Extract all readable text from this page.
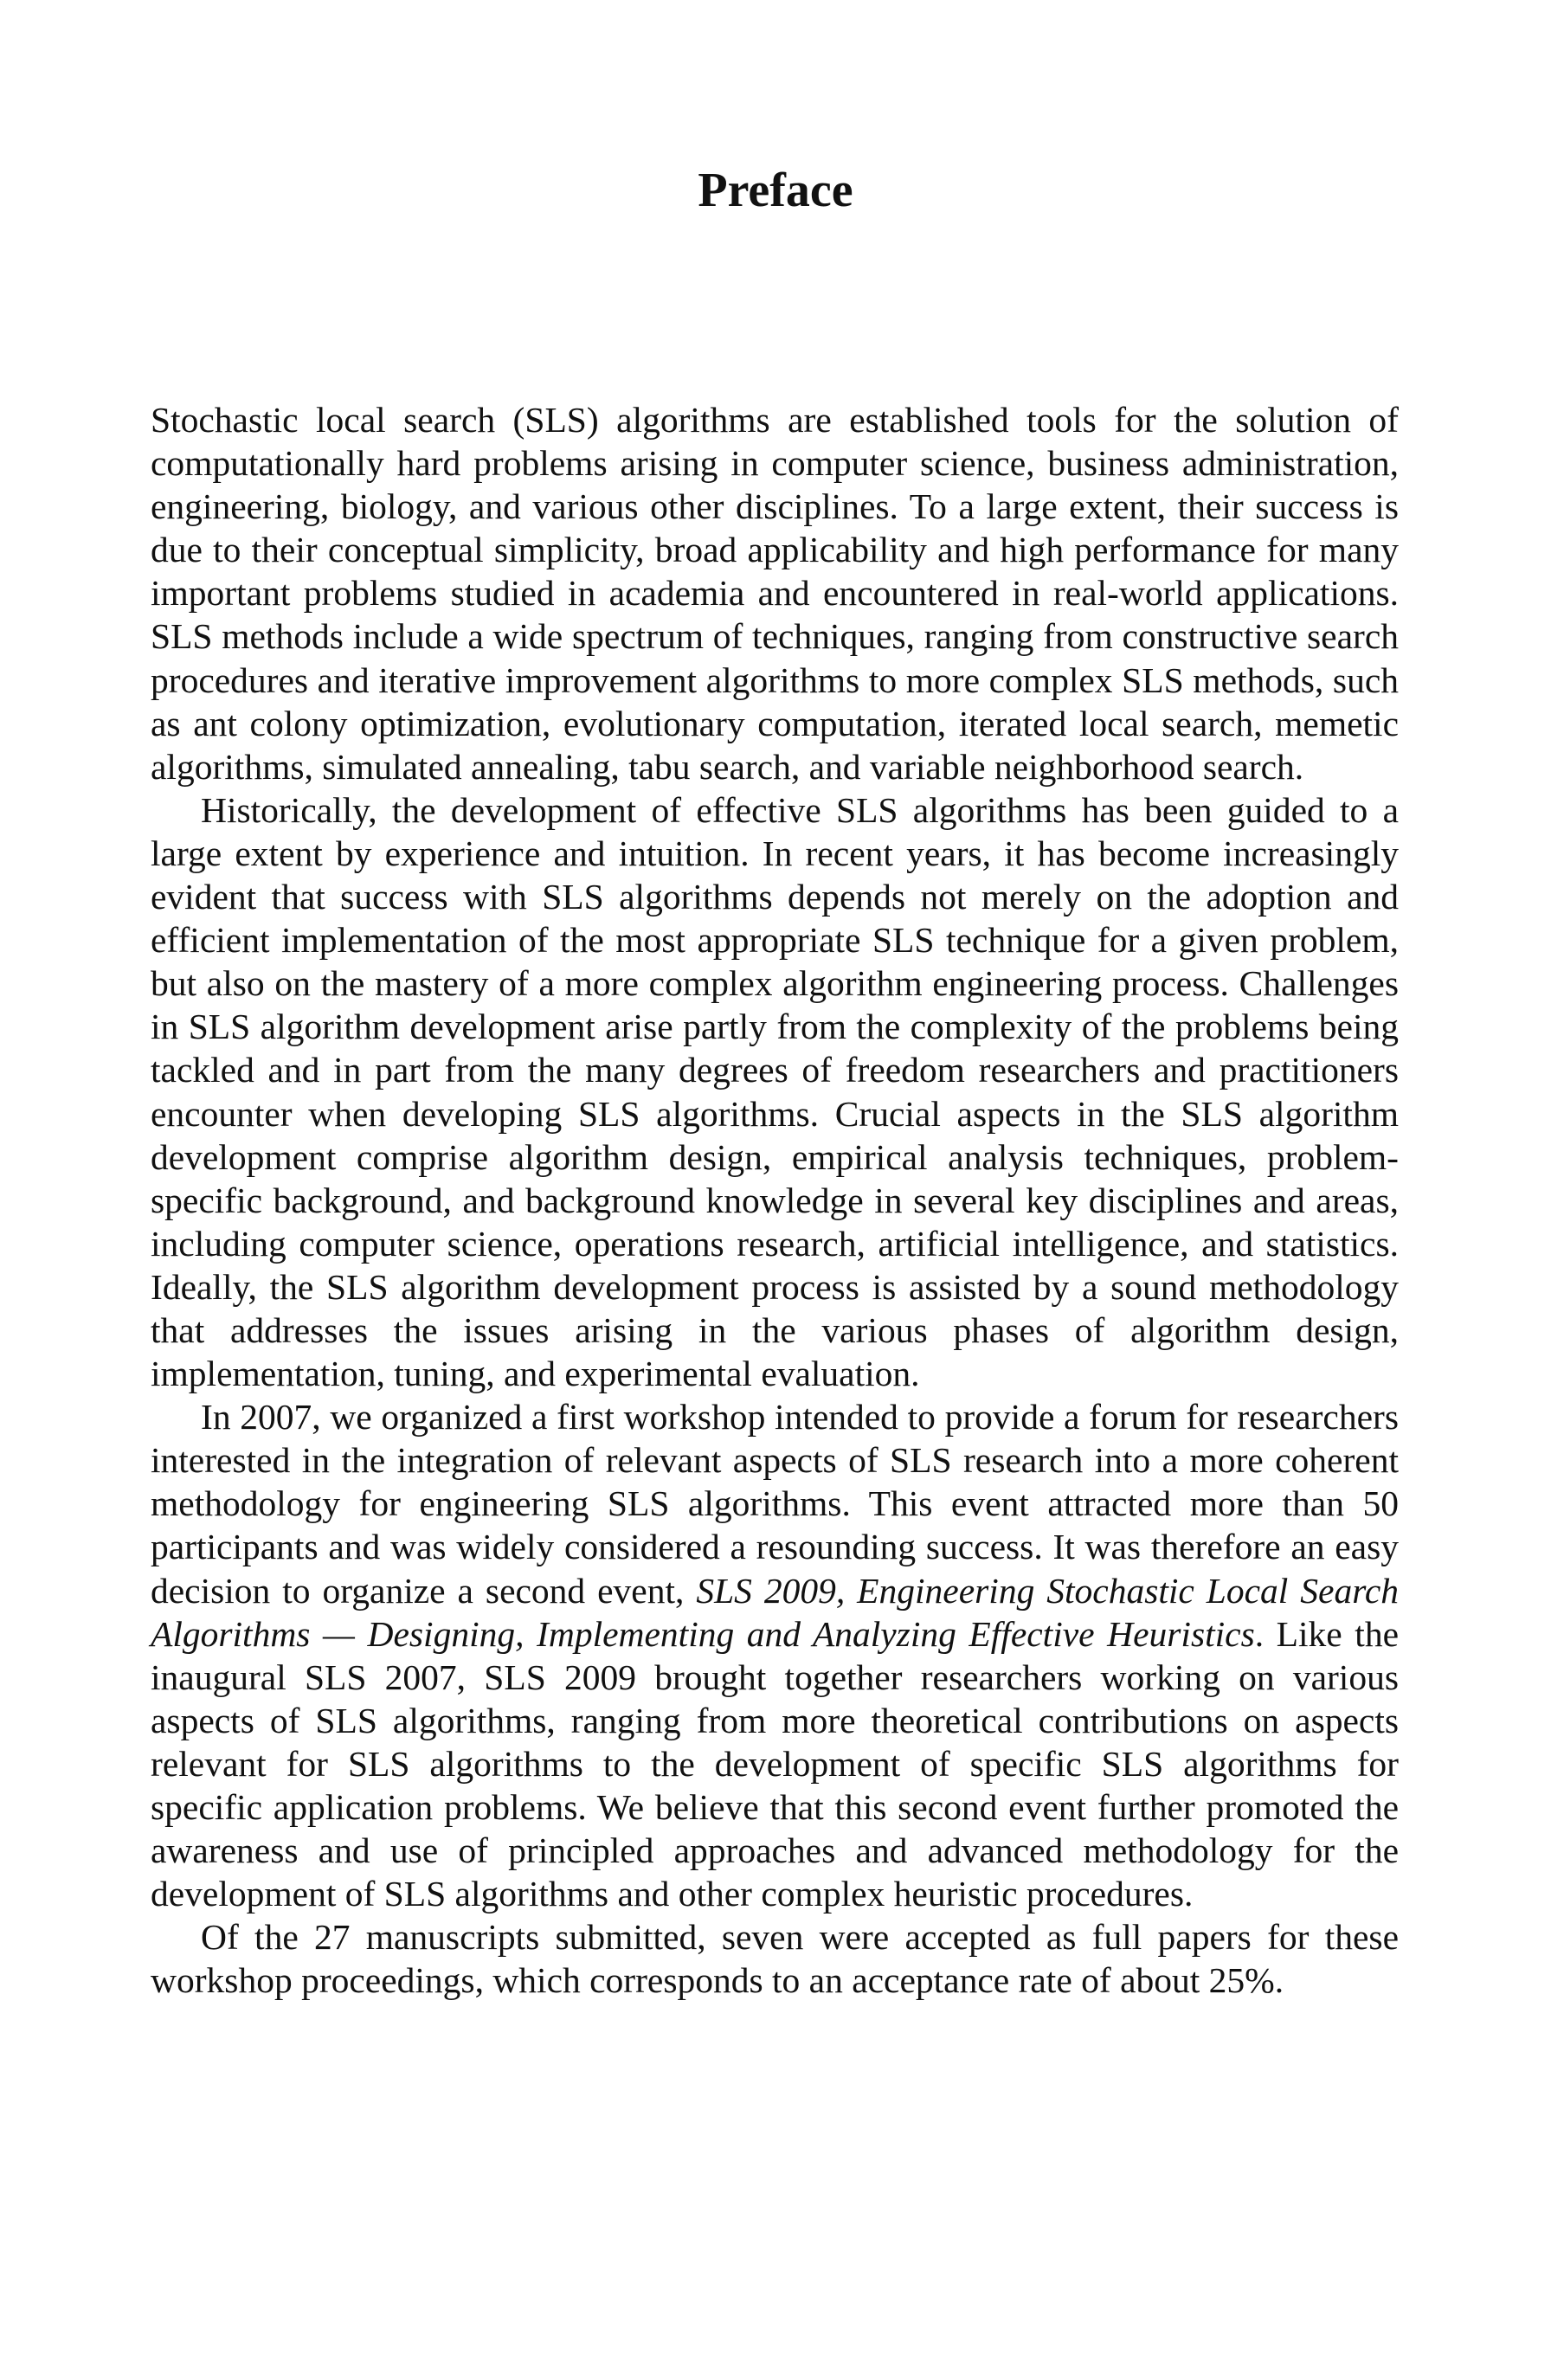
Preface

Stochastic local search (SLS) algorithms are established tools for the solution of computationally hard problems arising in computer science, business administration, engineering, biology, and various other disciplines. To a large extent, their success is due to their conceptual simplicity, broad applicability and high performance for many important problems studied in academia and encountered in real-world applications. SLS methods include a wide spectrum of techniques, ranging from constructive search procedures and iterative improvement algorithms to more complex SLS methods, such as ant colony optimization, evolutionary computation, iterated local search, memetic algorithms, simulated annealing, tabu search, and variable neighborhood search.

Historically, the development of effective SLS algorithms has been guided to a large extent by experience and intuition. In recent years, it has become increasingly evident that success with SLS algorithms depends not merely on the adoption and efficient implementation of the most appropriate SLS technique for a given problem, but also on the mastery of a more complex algorithm engineering process. Challenges in SLS algorithm development arise partly from the complexity of the problems being tackled and in part from the many degrees of freedom researchers and practitioners encounter when developing SLS algorithms. Crucial aspects in the SLS algorithm development comprise algorithm design, empirical analysis techniques, problem-specific background, and background knowledge in several key disciplines and areas, including computer science, operations research, artificial intelligence, and statistics. Ideally, the SLS algorithm development process is assisted by a sound methodology that addresses the issues arising in the various phases of algorithm design, implementation, tuning, and experimental evaluation.

In 2007, we organized a first workshop intended to provide a forum for researchers interested in the integration of relevant aspects of SLS research into a more coherent methodology for engineering SLS algorithms. This event attracted more than 50 participants and was widely considered a resounding success. It was therefore an easy decision to organize a second event, SLS 2009, Engineering Stochastic Local Search Algorithms — Designing, Implementing and Analyzing Effective Heuristics. Like the inaugural SLS 2007, SLS 2009 brought together researchers working on various aspects of SLS algorithms, ranging from more theoretical contributions on aspects relevant for SLS algorithms to the development of specific SLS algorithms for specific application problems. We believe that this second event further promoted the awareness and use of principled approaches and advanced methodology for the development of SLS algorithms and other complex heuristic procedures.

Of the 27 manuscripts submitted, seven were accepted as full papers for these workshop proceedings, which corresponds to an acceptance rate of about 25%.
